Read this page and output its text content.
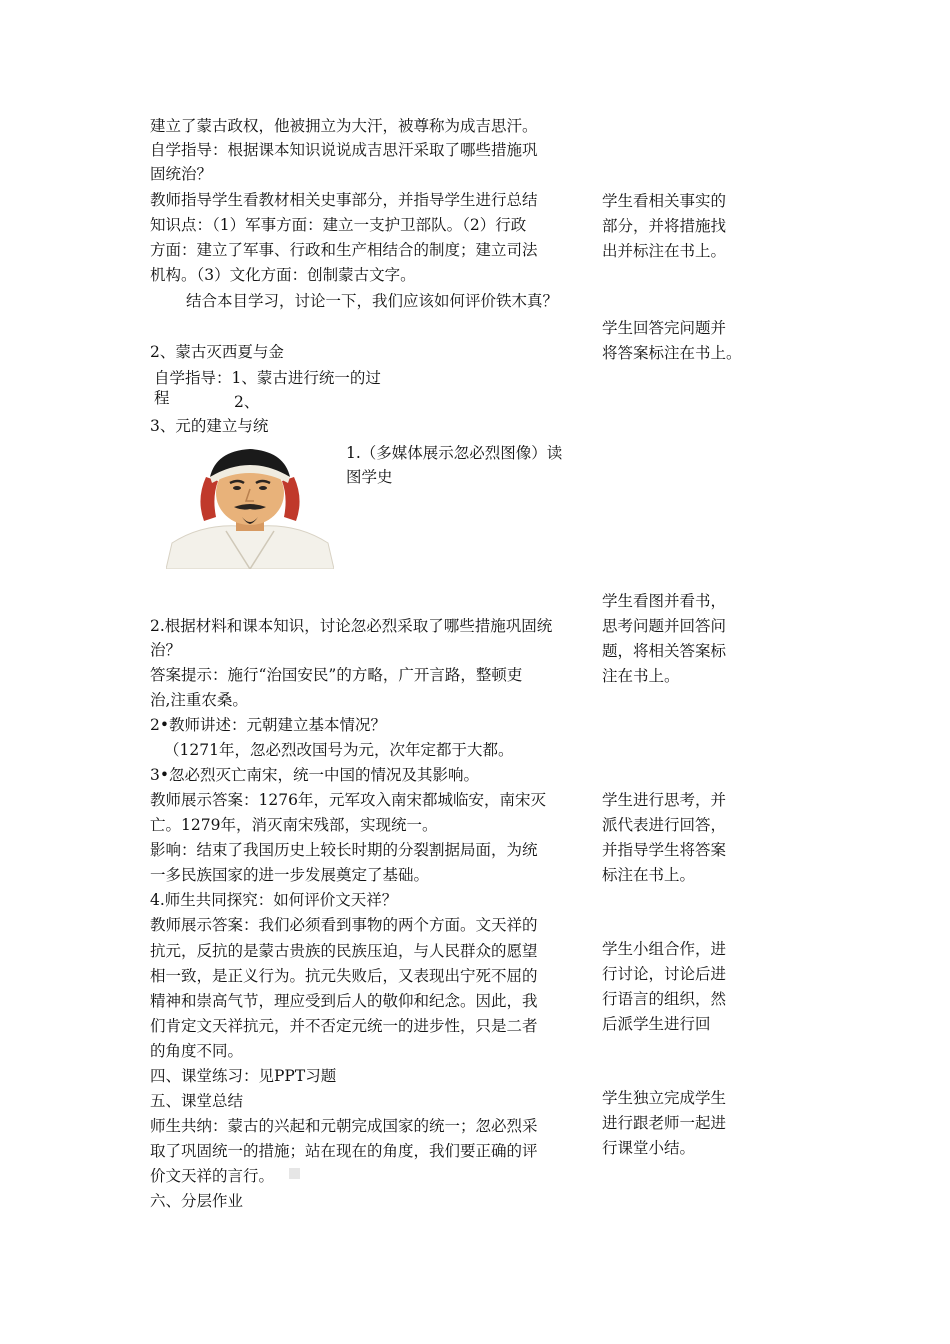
建立了蒙古政权，他被拥立为大汗，被尊称为成吉思汗。
自学指导：根据课本知识说说成吉思汗采取了哪些措施巩
固统治？
教师指导学生看教材相关史事部分，并指导学生进行总结
知识点：（1）军事方面：建立一支护卫部队。（2）行政
方面：建立了军事、行政和生产相结合的制度；建立司法
机构。（3）文化方面：创制蒙古文字。
结合本目学习，讨论一下，我们应该如何评价铁木真？
2、蒙古灭西夏与金
自学指导：1、蒙古进行统一的过
程	2、
3、元的建立与统
1.（多媒体展示忽必烈图像）读
图学史
2.根据材料和课本知识，讨论忽必烈采取了哪些措施巩固统
治？
答案提示：施行“治国安民”的方略，广开言路，整顿吏
治,注重农桑。
2•教师讲述：元朝建立基本情况？
（1271年，忽必烈改国号为元，次年定都于大都。
3•忽必烈灭亡南宋，统一中国的情况及其影响。
教师展示答案：1276年，元军攻入南宋都城临安，南宋灭
亡。1279年，消灭南宋残部，实现统一。
影响：结束了我国历史上较长时期的分裂割据局面，为统
一多民族国家的进一步发展奠定了基础。
4.师生共同探究：如何评价文天祥？
教师展示答案：我们必须看到事物的两个方面。文天祥的
抗元，反抗的是蒙古贵族的民族压迫，与人民群众的愿望
相一致，是正义行为。抗元失败后，又表现出宁死不屈的
精神和崇高气节，理应受到后人的敬仰和纪念。因此，我
们肯定文天祥抗元，并不否定元统一的进步性，只是二者
的角度不同。
四、课堂练习：见PPT习题
五、课堂总结
师生共纳：蒙古的兴起和元朝完成国家的统一；忽必烈采
取了巩固统一的措施；站在现在的角度，我们要正确的评
价文天祥的言行。
六、分层作业
学生看相关事实的
部分，并将措施找
出并标注在书上。
学生回答完问题并
将答案标注在书上。
学生看图并看书，
思考问题并回答问
题，将相关答案标
注在书上。
学生进行思考，并
派代表进行回答，
并指导学生将答案
标注在书上。
学生小组合作，进
行讨论，讨论后进
行语言的组织，然
后派学生进行回
学生独立完成学生
进行跟老师一起进
行课堂小结。
